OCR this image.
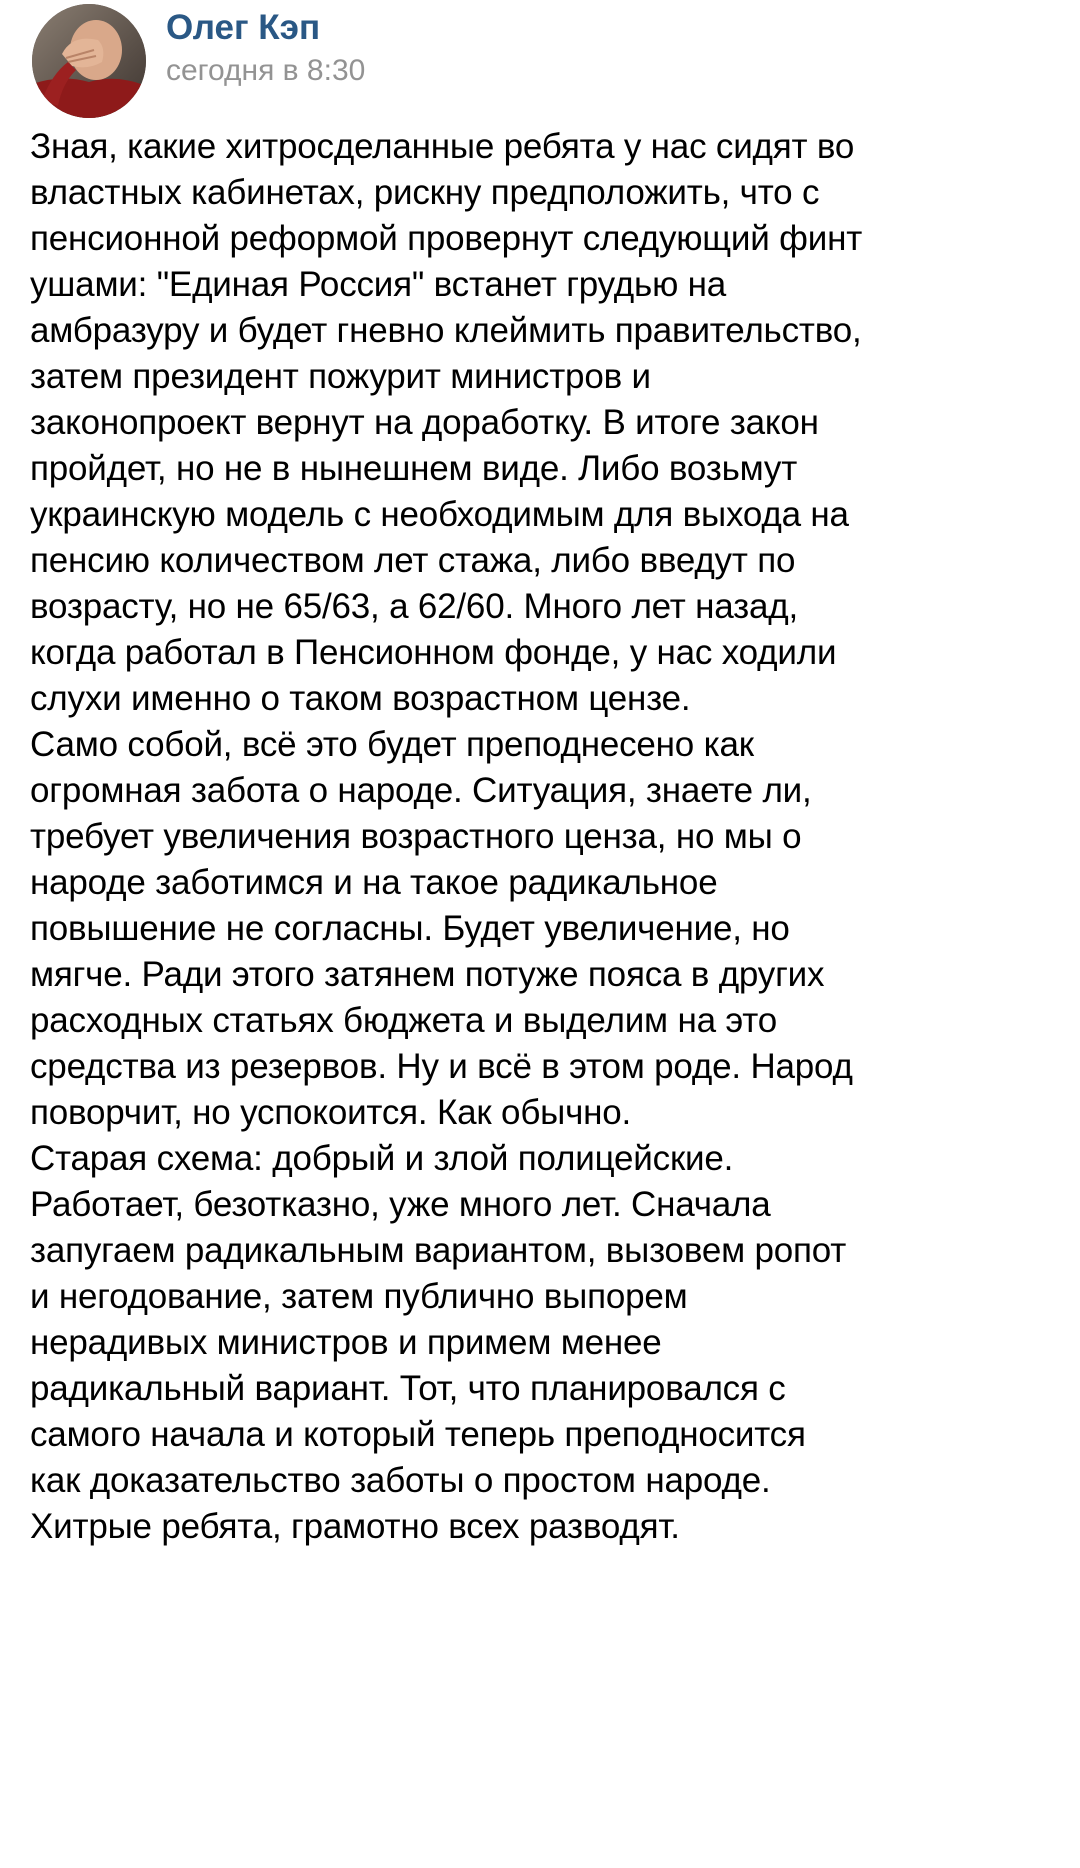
Олег Кэп
сегодня в 8:30
Зная, какие хитросделанные ребята у нас сидят во
властных кабинетах, рискну предположить, что с
пенсионной реформой провернут следующий финт
ушами: "Единая Россия" встанет грудью на
амбразуру и будет гневно клеймить правительство,
затем президент пожурит министров и
законопроект вернут на доработку. В итоге закон
пройдет, но не в нынешнем виде. Либо возьмут
украинскую модель с необходимым для выхода на
пенсию количеством лет стажа, либо введут по
возрасту, но не 65/63, а 62/60. Много лет назад,
когда работал в Пенсионном фонде, у нас ходили
слухи именно о таком возрастном цензе.
Само собой, всё это будет преподнесено как
огромная забота о народе. Ситуация, знаете ли,
требует увеличения возрастного ценза, но мы о
народе заботимся и на такое радикальное
повышение не согласны. Будет увеличение, но
мягче. Ради этого затянем потуже пояса в других
расходных статьях бюджета и выделим на это
средства из резервов. Ну и всё в этом роде. Народ
поворчит, но успокоится. Как обычно.
Старая схема: добрый и злой полицейские.
Работает, безотказно, уже много лет. Сначала
запугаем радикальным вариантом, вызовем ропот
и негодование, затем публично выпорем
нерадивых министров и примем менее
радикальный вариант. Тот, что планировался с
самого начала и который теперь преподносится
как доказательство заботы о простом народе.
Хитрые ребята, грамотно всех разводят.
